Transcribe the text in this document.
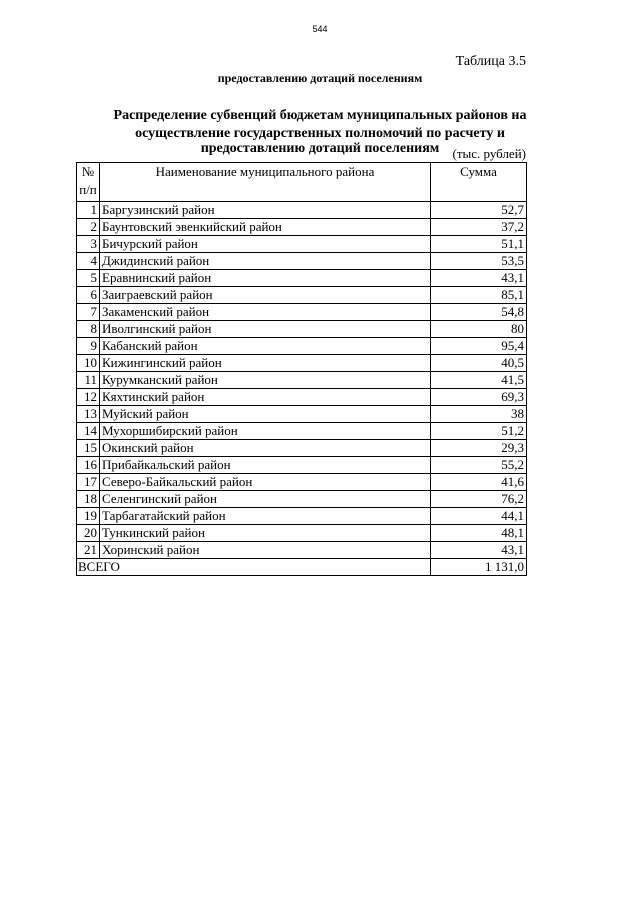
544
Таблица 3.5
предоставлению дотаций поселениям
Распределение субвенций бюджетам муниципальных районов на
осуществление государственных полномочий по расчету и
предоставлению дотаций поселениям	(тыс. рублей)
№ п/п	Наименование муниципального района	Сумма
1	Баргузинский район	52,7
2	Баунтовский эвенкийский район	37,2
3	Бичурский район	51,1
4	Джидинский район	53,5
5	Еравнинский район	43,1
6	Заиграевский район	85,1
7	Закаменский район	54,8
8	Иволгинский район	80
9	Кабанский район	95,4
10	Кижингинский район	40,5
11	Курумканский район	41,5
12	Кяхтинский район	69,3
13	Муйский район	38
14	Мухоршибирский район	51,2
15	Окинский район	29,3
16	Прибайкальский район	55,2
17	Северо-Байкальский район	41,6
18	Селенгинский район	76,2
19	Тарбагатайский район	44,1
20	Тункинский район	48,1
21	Хоринский район	43,1
ВСЕГО		1 131,0
